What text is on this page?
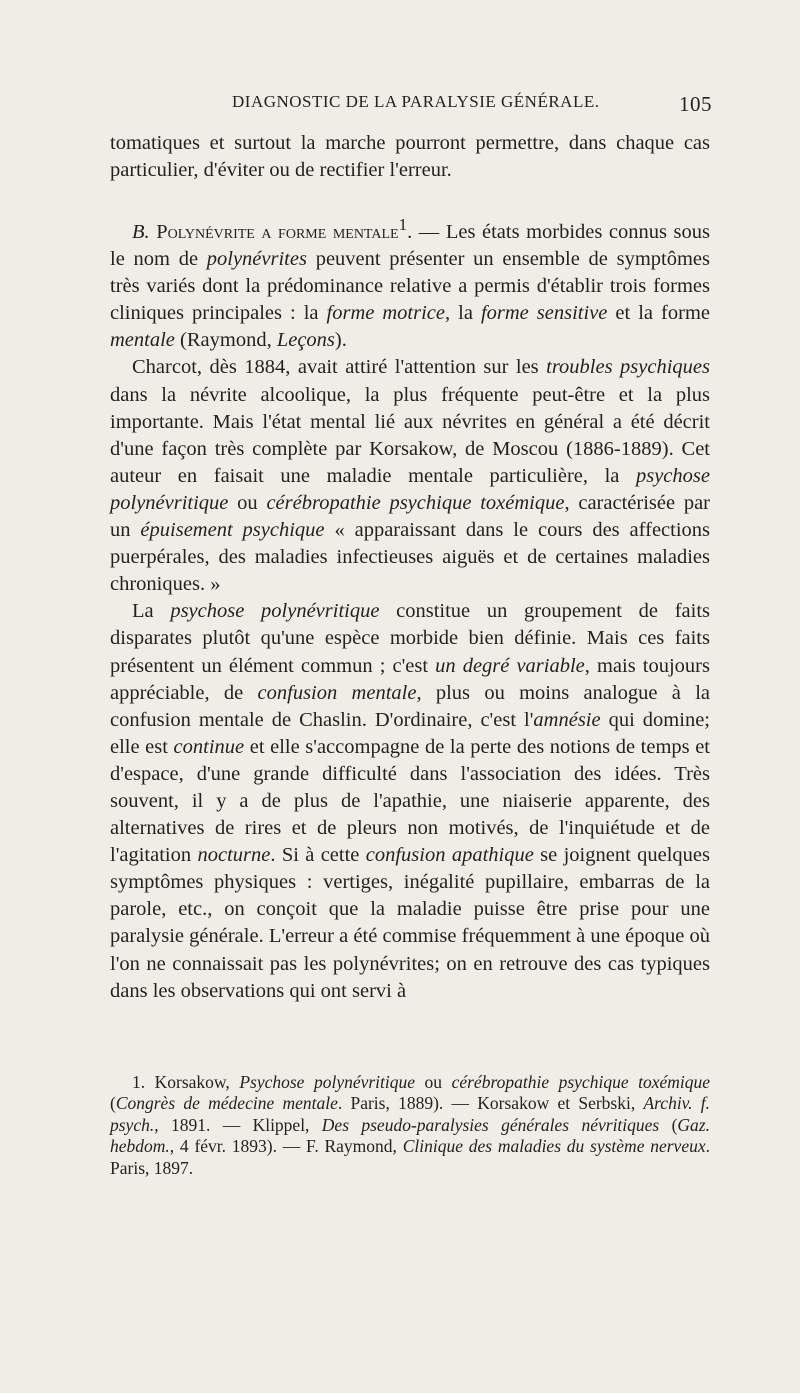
DIAGNOSTIC DE LA PARALYSIE GÉNÉRALE.	105

tomatiques et surtout la marche pourront permettre, dans chaque cas particulier, d'éviter ou de rectifier l'erreur.

B. Polynévrite a forme mentale$^1$. — Les états morbides connus sous le nom de polynévrites peuvent présenter un ensemble de symptômes très variés dont la prédominance relative a permis d'établir trois formes cliniques principales : la forme motrice, la forme sensitive et la forme mentale (Raymond, Leçons).

Charcot, dès 1884, avait attiré l'attention sur les troubles psychiques dans la névrite alcoolique, la plus fréquente peut-être et la plus importante. Mais l'état mental lié aux névrites en général a été décrit d'une façon très complète par Korsakow, de Moscou (1886-1889). Cet auteur en faisait une maladie mentale particulière, la psychose polynévritique ou cérébropathie psychique toxémique, caractérisée par un épuisement psychique « apparaissant dans le cours des affections puerpérales, des maladies infectieuses aiguës et de certaines maladies chroniques. »

La psychose polynévritique constitue un groupement de faits disparates plutôt qu'une espèce morbide bien définie. Mais ces faits présentent un élément commun ; c'est un degré variable, mais toujours appréciable, de confusion mentale, plus ou moins analogue à la confusion mentale de Chaslin. D'ordinaire, c'est l'amnésie qui domine; elle est continue et elle s'accompagne de la perte des notions de temps et d'espace, d'une grande difficulté dans l'association des idées. Très souvent, il y a de plus de l'apathie, une niaiserie apparente, des alternatives de rires et de pleurs non motivés, de l'inquiétude et de l'agitation nocturne. Si à cette confusion apathique se joignent quelques symptômes physiques : vertiges, inégalité pupillaire, embarras de la parole, etc., on conçoit que la maladie puisse être prise pour une paralysie générale. L'erreur a été commise fréquemment à une époque où l'on ne connaissait pas les polynévrites; on en retrouve des cas typiques dans les observations qui ont servi à

1. Korsakow, Psychose polynévritique ou cérébropathie psychique toxémique (Congrès de médecine mentale. Paris, 1889). — Korsakow et Serbski, Archiv. f. psych., 1891. — Klippel, Des pseudo-paralysies générales névritiques (Gaz. hebdom., 4 févr. 1893). — F. Raymond, Clinique des maladies du système nerveux. Paris, 1897.
